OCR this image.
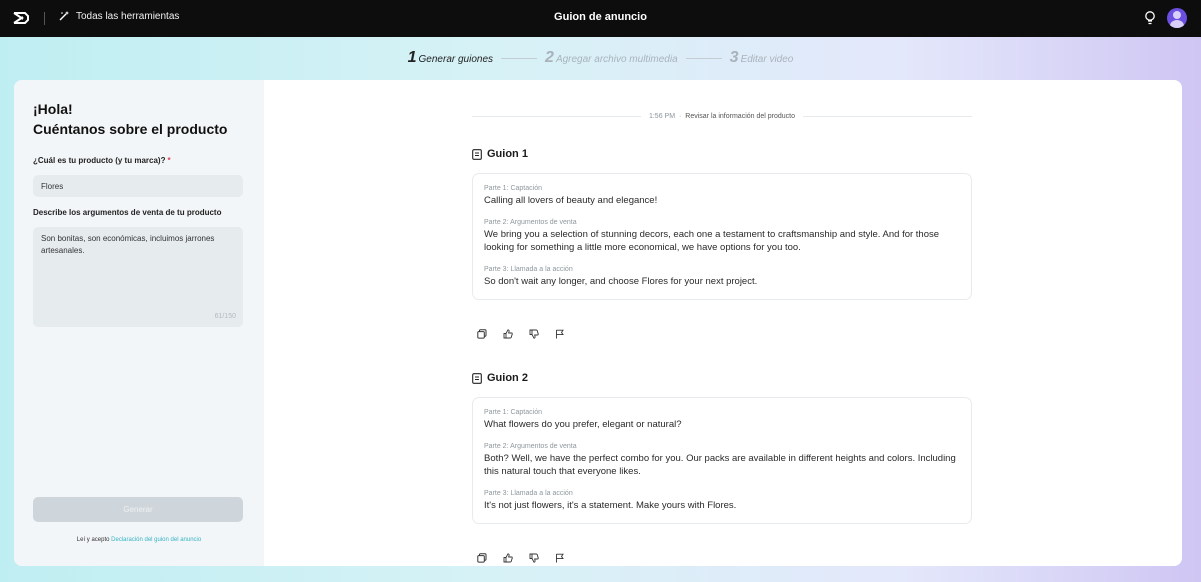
Todas las herramientas	Guion de anuncio
1 Generar guiones	2 Agregar archivo multimedia	3 Editar video
¡Hola!
Cuéntanos sobre el producto
¿Cuál es tu producto (y tu marca)? *
Flores
Describe los argumentos de venta de tu producto
Son bonitas, son económicas, incluimos jarrones artesanales.
61/150
Generar
Leí y acepto Declaración del guion del anuncio
1:56 PM · Revisar la información del producto
Guion 1
Parte 1: Captación
Calling all lovers of beauty and elegance!
Parte 2: Argumentos de venta
We bring you a selection of stunning decors, each one a testament to craftsmanship and style. And for those looking for something a little more economical, we have options for you too.
Parte 3: Llamada a la acción
So don't wait any longer, and choose Flores for your next project.
Guion 2
Parte 1: Captación
What flowers do you prefer, elegant or natural?
Parte 2: Argumentos de venta
Both? Well, we have the perfect combo for you. Our packs are available in different heights and colors. Including this natural touch that everyone likes.
Parte 3: Llamada a la acción
It's not just flowers, it's a statement. Make yours with Flores.
